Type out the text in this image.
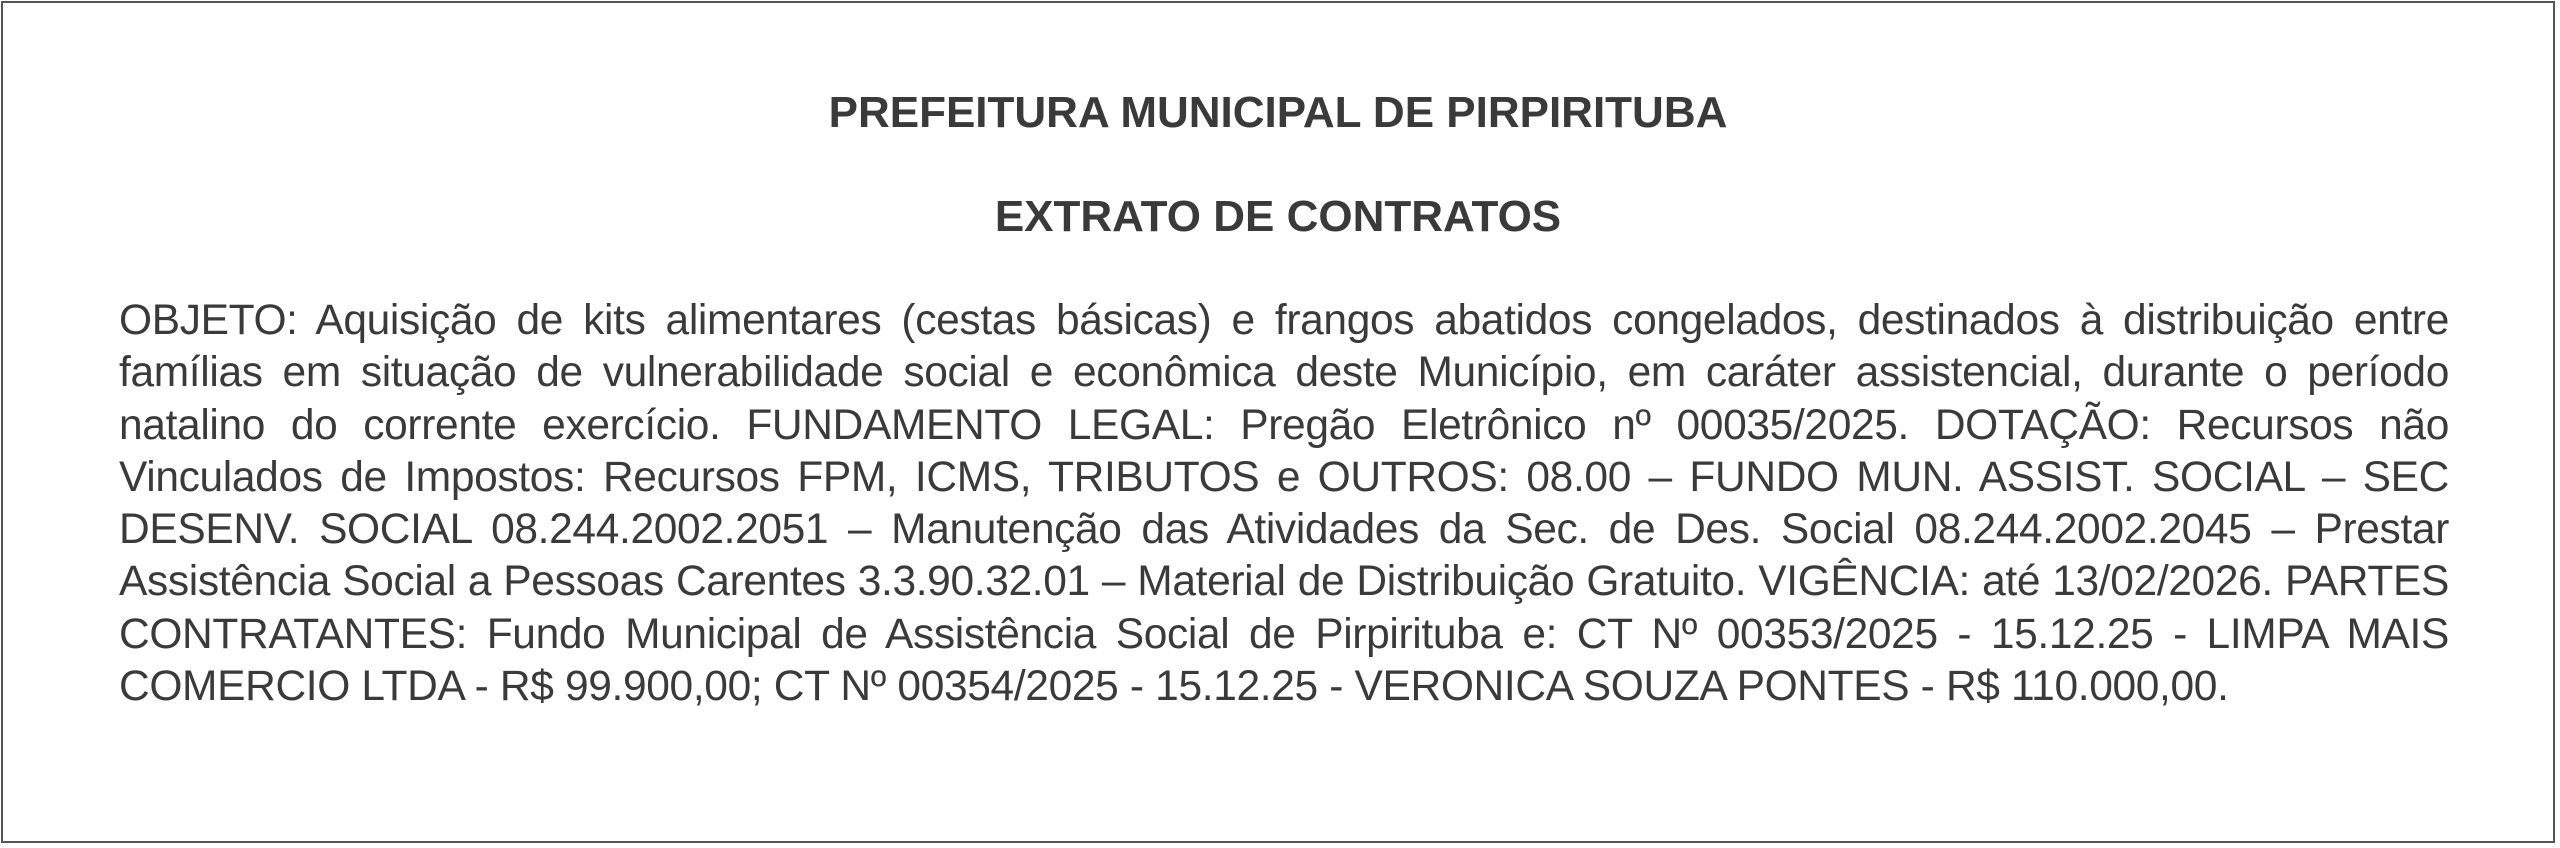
PREFEITURA MUNICIPAL DE PIRPIRITUBA
EXTRATO DE CONTRATOS

OBJETO: Aquisição de kits alimentares (cestas básicas) e frangos abatidos congelados, destinados à distribuição entre famílias em situação de vulnerabilidade social e econômica deste Município, em caráter assistencial, durante o período natalino do corrente exercício. FUNDAMENTO LEGAL: Pregão Eletrônico nº 00035/2025. DOTAÇÃO: Recursos não Vinculados de Impostos: Recursos FPM, ICMS, TRIBUTOS e OUTROS: 08.00 – FUNDO MUN. ASSIST. SOCIAL – SEC DESENV. SOCIAL 08.244.2002.2051 – Manutenção das Atividades da Sec. de Des. Social 08.244.2002.2045 – Prestar Assistência Social a Pessoas Carentes 3.3.90.32.01 – Material de Distribuição Gratuito. VIGÊNCIA: até 13/02/2026. PARTES CONTRATANTES: Fundo Municipal de Assistência Social de Pirpirituba e: CT Nº 00353/2025 - 15.12.25 - LIMPA MAIS COMERCIO LTDA - R$ 99.900,00; CT Nº 00354/2025 - 15.12.25 - VERONICA SOUZA PONTES - R$ 110.000,00.
